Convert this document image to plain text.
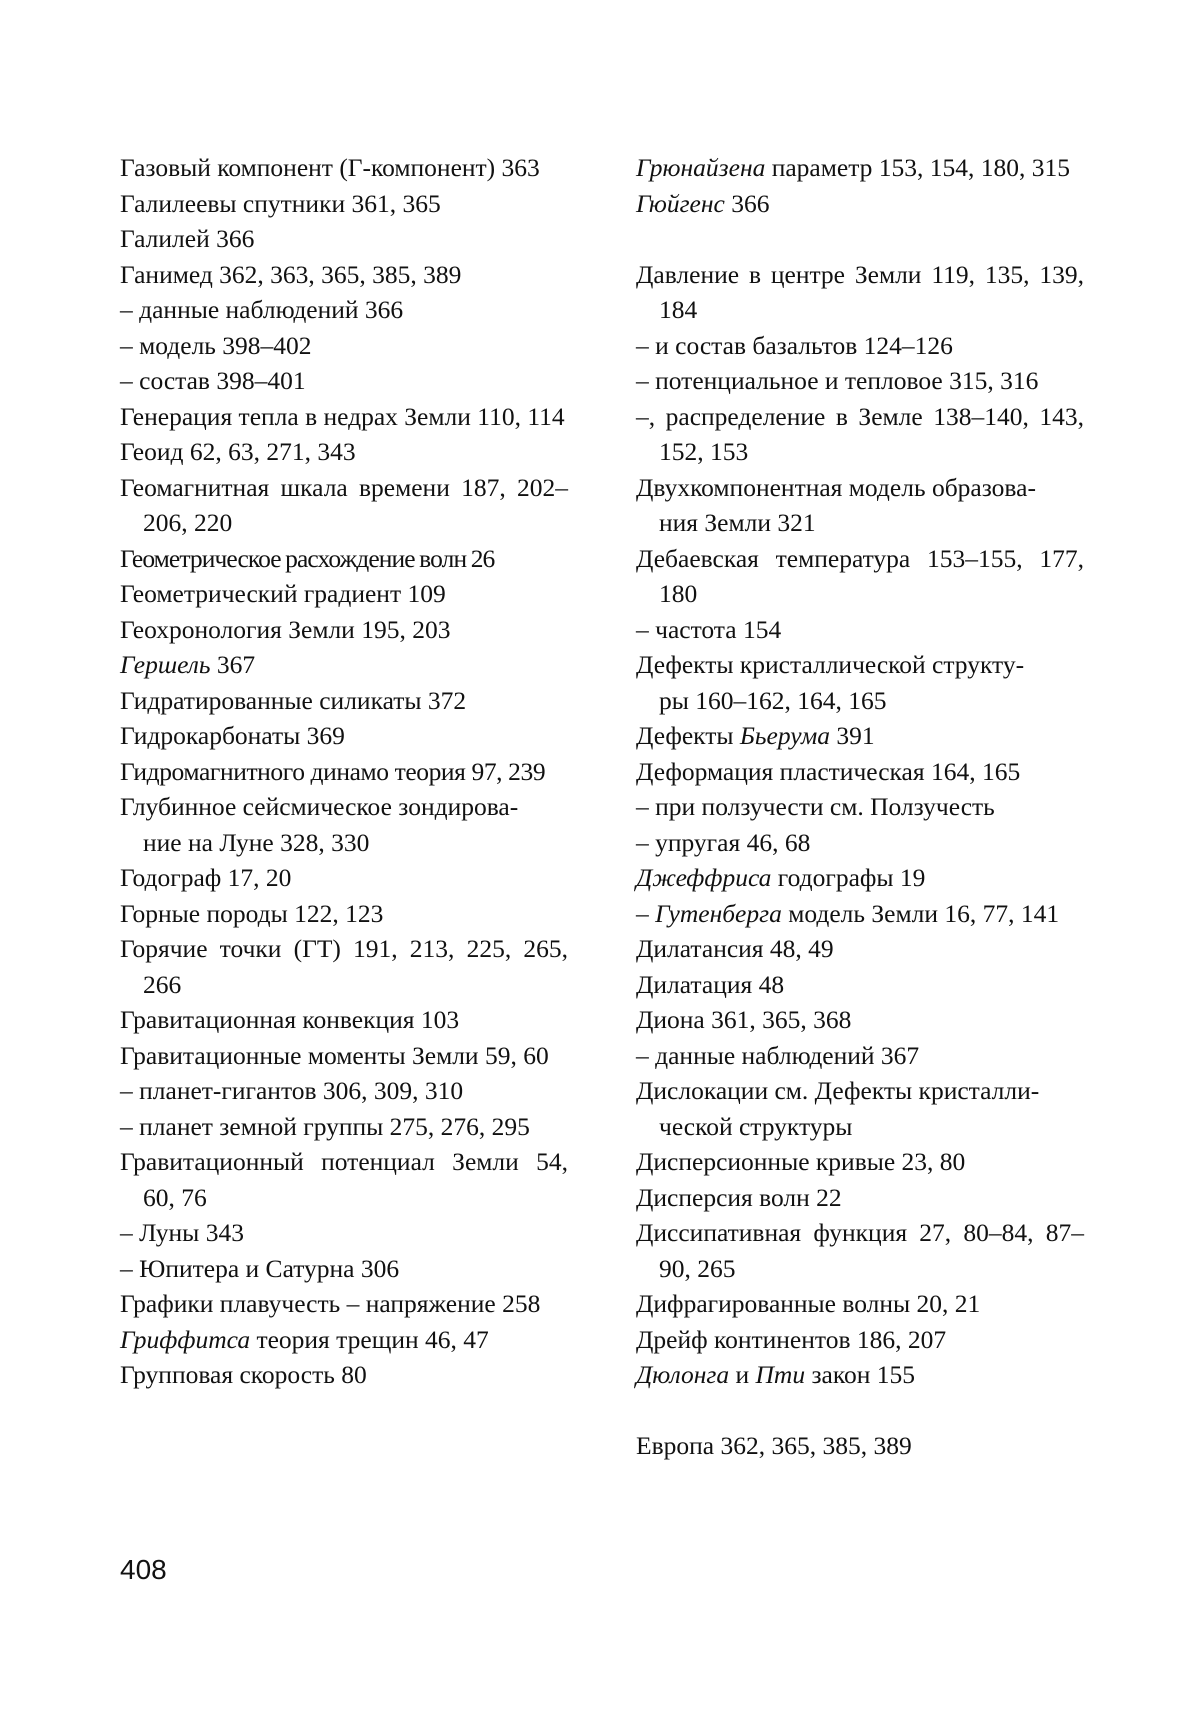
Газовый компонент (Г-компонент) 363

Галилеевы спутники 361, 365

Галилей 366

Ганимед 362, 363, 365, 385, 389

– данные наблюдений 366

– модель 398–402

– состав 398–401

Генерация тепла в недрах Земли 110, 114

Геоид 62, 63, 271, 343

Геомагнитная шкала времени 187, 202–206, 220

Геометрическое расхождение волн 26

Геометрический градиент 109

Геохронология Земли 195, 203

Гершель 367

Гидратированные силикаты 372

Гидрокарбонаты 369

Гидромагнитного динамо теория 97, 239

Глубинное сейсмическое зондирова-
ние на Луне 328, 330

Годограф 17, 20

Горные породы 122, 123

Горячие точки (ГТ) 191, 213, 225, 265, 266

Гравитационная конвекция 103

Гравитационные моменты Земли 59, 60

– планет-гигантов 306, 309, 310

– планет земной группы 275, 276, 295

Гравитационный потенциал Земли 54, 60, 76

– Луны 343

– Юпитера и Сатурна 306

Графики плавучесть – напряжение 258

Гриффитса теория трещин 46, 47

Групповая скорость 80

Грюнайзена параметр 153, 154, 180, 315

Гюйгенс 366

Давление в центре Земли 119, 135, 139, 184

– и состав базальтов 124–126

– потенциальное и тепловое 315, 316

–, распределение в Земле 138–140, 143, 152, 153

Двухкомпонентная модель образова-
ния Земли 321

Дебаевская температура 153–155, 177, 180

– частота 154

Дефекты кристаллической структу-
ры 160–162, 164, 165

Дефекты Бьерума 391

Деформация пластическая 164, 165

– при ползучести см. Ползучесть

– упругая 46, 68

Джеффриса годографы 19

– Гутенберга модель Земли 16, 77, 141

Дилатансия 48, 49

Дилатация 48

Диона 361, 365, 368

– данные наблюдений 367

Дислокации см. Дефекты кристалли-
ческой структуры

Дисперсионные кривые 23, 80

Дисперсия волн 22

Диссипативная функция 27, 80–84, 87–90, 265

Дифрагированные волны 20, 21

Дрейф континентов 186, 207

Дюлонга и Пти закон 155

Европа 362, 365, 385, 389

408
